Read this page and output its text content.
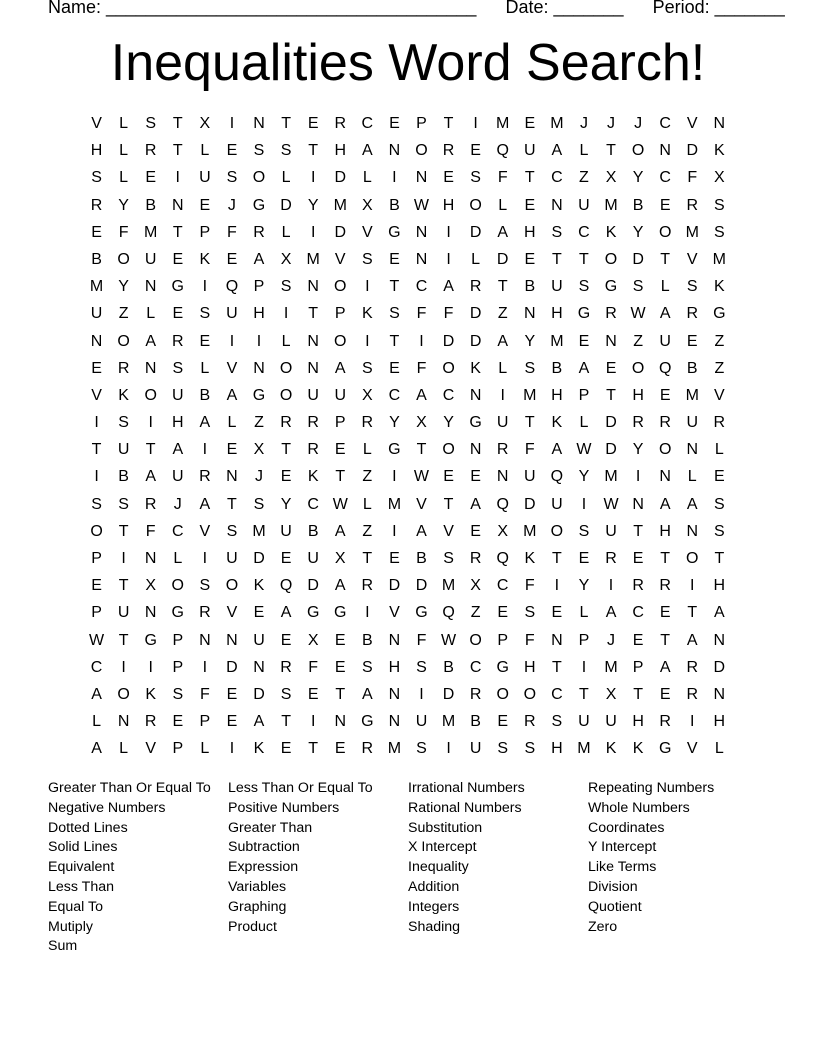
Name: _____________________________________ Date: _______ Period: _______
Inequalities Word Search!
V	L	S	T	X	I	N	T	E R C E	P	T	I	M E M	J	J	J	C V N
H	L	R	T	L	E	S	S	T	H A N O R E Q U A	L	T O N D K
S	L	E	I	U S O	L	I	D	L	I	N E	S	F	T	C	Z	X	Y C	F	X
R Y	B N E	J	G D Y M X	B W H O	L	E N U M B	E R S
E	F M T	P	F	R	L	I	D V G N	I	D A H S C K	Y O M S
B O U E	K	E	A	X M V	S	E N	I	L	D E	T	T O D	T	V M
M Y N G	I	Q P	S N O	I	T	C A R	T	B U S G S	L	S	K
U	Z	L	E	S U H	I	T	P	K	S	F	F	D	Z	N H G R W A R G
N O A R E	I	I	L	N O	I	T	I	D D A	Y M E N	Z	U E	Z
E R N S	L	V N O N A	S	E	F O K	L	S	B	A	E O Q B	Z
V	K O U B	A G O U U X C A C N	I	M H P	T	H E M V
I	S	I	H A	L	Z	R R P R Y	X	Y G U	T	K	L	D R R U R
T	U	T	A	I	E	X	T	R E	L	G T O N R	F	A W D Y O N	L
I	B	A U R N	J	E	K	T	Z	I	W E	E N U Q Y M	I	N	L	E
S	S R	J	A	T	S	Y C W L M V	T	A Q D U	I	W N A	A	S
O T	F	C V	S M U B	A	Z	I	A	V	E	X M O S U	T	H N S
P	I	N	L	I	U D E U X	T	E	B	S R Q K	T	E R E	T O T
E	T	X O S O K Q D A R D D M X C	F	I	Y	I	R R	I	H
P U N G R V	E	A G G	I	V G Q Z	E	S	E	L	A C E	T	A
W T G P N N U E	X	E	B N	F W O P	F	N P	J	E	T	A N
C	I	I	P	I	D N R	F	E	S H S	B C G H	T	I	M P	A R D
A O K	S	F	E D S	E	T	A N	I	D R O O C	T	X	T	E R N
L	N R E	P	E	A	T	I	N G N U M B	E R S U U H R	I	H
A	L	V	P	L	I	K	E	T	E R M S	I	U S	S H M K	K G V	L
Greater Than Or Equal To
Negative Numbers
Dotted Lines
Solid Lines
Equivalent
Less Than
Equal To
Mutiply
Sum
Less Than Or Equal To
Positive Numbers
Greater Than
Subtraction
Expression
Variables
Graphing
Product
Irrational Numbers
Rational Numbers
Substitution
X Intercept
Inequality
Addition
Integers
Shading
Repeating Numbers
Whole Numbers
Coordinates
Y Intercept
Like Terms
Division
Quotient
Zero
